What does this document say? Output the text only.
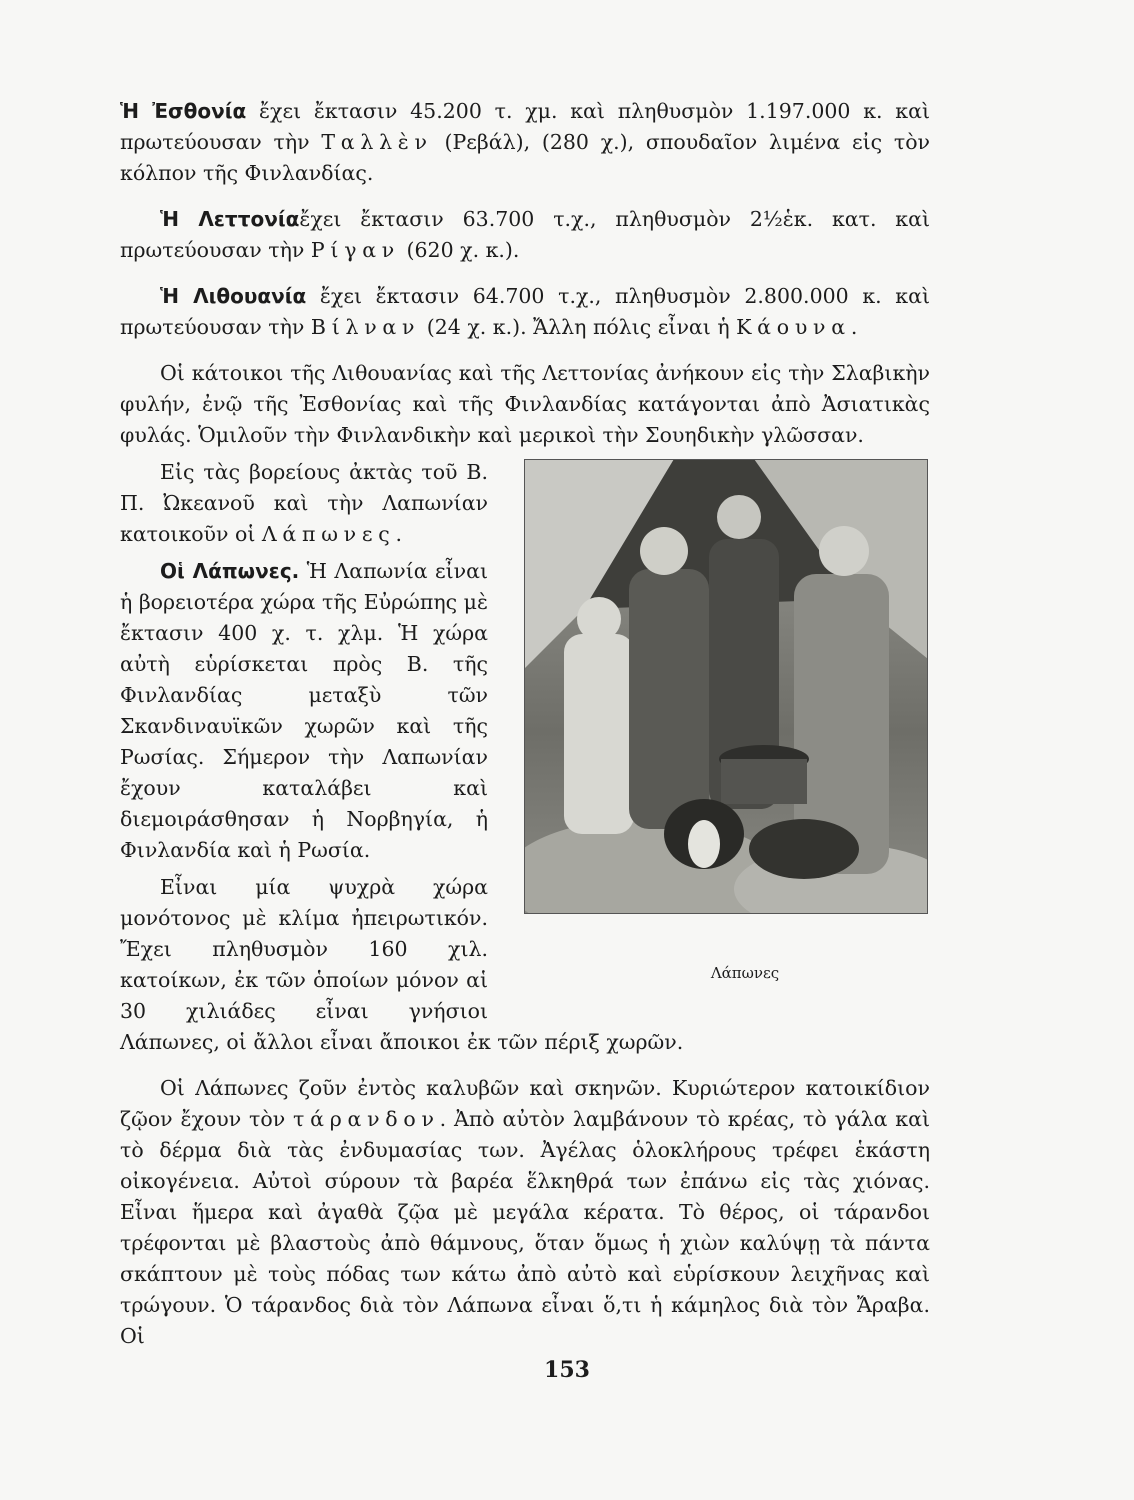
Ἡ Ἐσθονία ἔχει ἔκτασιν 45.200 τ. χμ. καὶ πληθυσμὸν 1.197.000 κ. καὶ πρωτεύουσαν τὴν Ταλλὲν (Ρεβάλ), (280 χ.), σπουδαῖον λιμένα εἰς τὸν κόλπον τῆς Φινλανδίας.

Ἡ Λεττονίαἔχει ἔκτασιν 63.700 τ.χ., πληθυσμὸν 2½ἑκ. κατ. καὶ πρωτεύουσαν τὴν Ρίγαν (620 χ. κ.).

Ἡ Λιθουανία ἔχει ἔκτασιν 64.700 τ.χ., πληθυσμὸν 2.800.000 κ. καὶ πρωτεύουσαν τὴν Βίλναν (24 χ. κ.). Ἄλλη πόλις εἶναι ἡ Κάουνα.

Οἱ κάτοικοι τῆς Λιθουανίας καὶ τῆς Λεττονίας ἀνήκουν εἰς τὴν Σλαβικὴν φυλήν, ἐνῷ τῆς Ἐσθονίας καὶ τῆς Φινλανδίας κατάγονται ἀπὸ Ἀσιατικὰς φυλάς. Ὁμιλοῦν τὴν Φινλανδικὴν καὶ μερικοὶ τὴν Σουηδικὴν γλῶσσαν.

Λάπωνες

Εἰς τὰς βορείους ἀκτὰς τοῦ Β. Π. Ὠκεανοῦ καὶ τὴν Λαπωνίαν κατοικοῦν οἱ Λάπωνες.

Οἱ Λάπωνες. Ἡ Λαπωνία εἶναι ἡ βορειοτέρα χώρα τῆς Εὐρώπης μὲ ἔκτασιν 400 χ. τ. χλμ. Ἡ χώρα αὐτὴ εὑρίσκεται πρὸς Β. τῆς Φινλανδίας μεταξὺ τῶν Σκανδιναυϊκῶν χωρῶν καὶ τῆς Ρωσίας. Σήμερον τὴν Λαπωνίαν ἔχουν καταλάβει καὶ διεμοιράσθησαν ἡ Νορβηγία, ἡ Φινλανδία καὶ ἡ Ρωσία.

Εἶναι μία ψυχρὰ χώρα μονότονος μὲ κλίμα ἠπειρωτικόν. Ἔχει πληθυσμὸν 160 χιλ. κατοίκων, ἐκ τῶν ὁποίων μόνον αἱ 30 χιλιάδες εἶναι γνήσιοι Λάπωνες, οἱ ἄλλοι εἶναι ἄποικοι ἐκ τῶν πέριξ χωρῶν.

Οἱ Λάπωνες ζοῦν ἐντὸς καλυβῶν καὶ σκηνῶν. Κυριώτερον κατοικίδιον ζῷον ἔχουν τὸν τάρανδον. Ἀπὸ αὐτὸν λαμβάνουν τὸ κρέας, τὸ γάλα καὶ τὸ δέρμα διὰ τὰς ἐνδυμασίας των. Ἀγέλας ὁλοκλήρους τρέφει ἑκάστη οἰκογένεια. Αὐτοὶ σύρουν τὰ βαρέα ἕλκηθρά των ἐπάνω εἰς τὰς χιόνας. Εἶναι ἥμερα καὶ ἀγαθὰ ζῷα μὲ μεγάλα κέρατα. Τὸ θέρος, οἱ τάρανδοι τρέφονται μὲ βλαστοὺς ἀπὸ θάμνους, ὅταν ὅμως ἡ χιὼν καλύψῃ τὰ πάντα σκάπτουν μὲ τοὺς πόδας των κάτω ἀπὸ αὐτὸ καὶ εὑρίσκουν λειχῆνας καὶ τρώγουν. Ὁ τάρανδος διὰ τὸν Λάπωνα εἶναι ὅ,τι ἡ κάμηλος διὰ τὸν Ἄραβα. Οἱ

153
